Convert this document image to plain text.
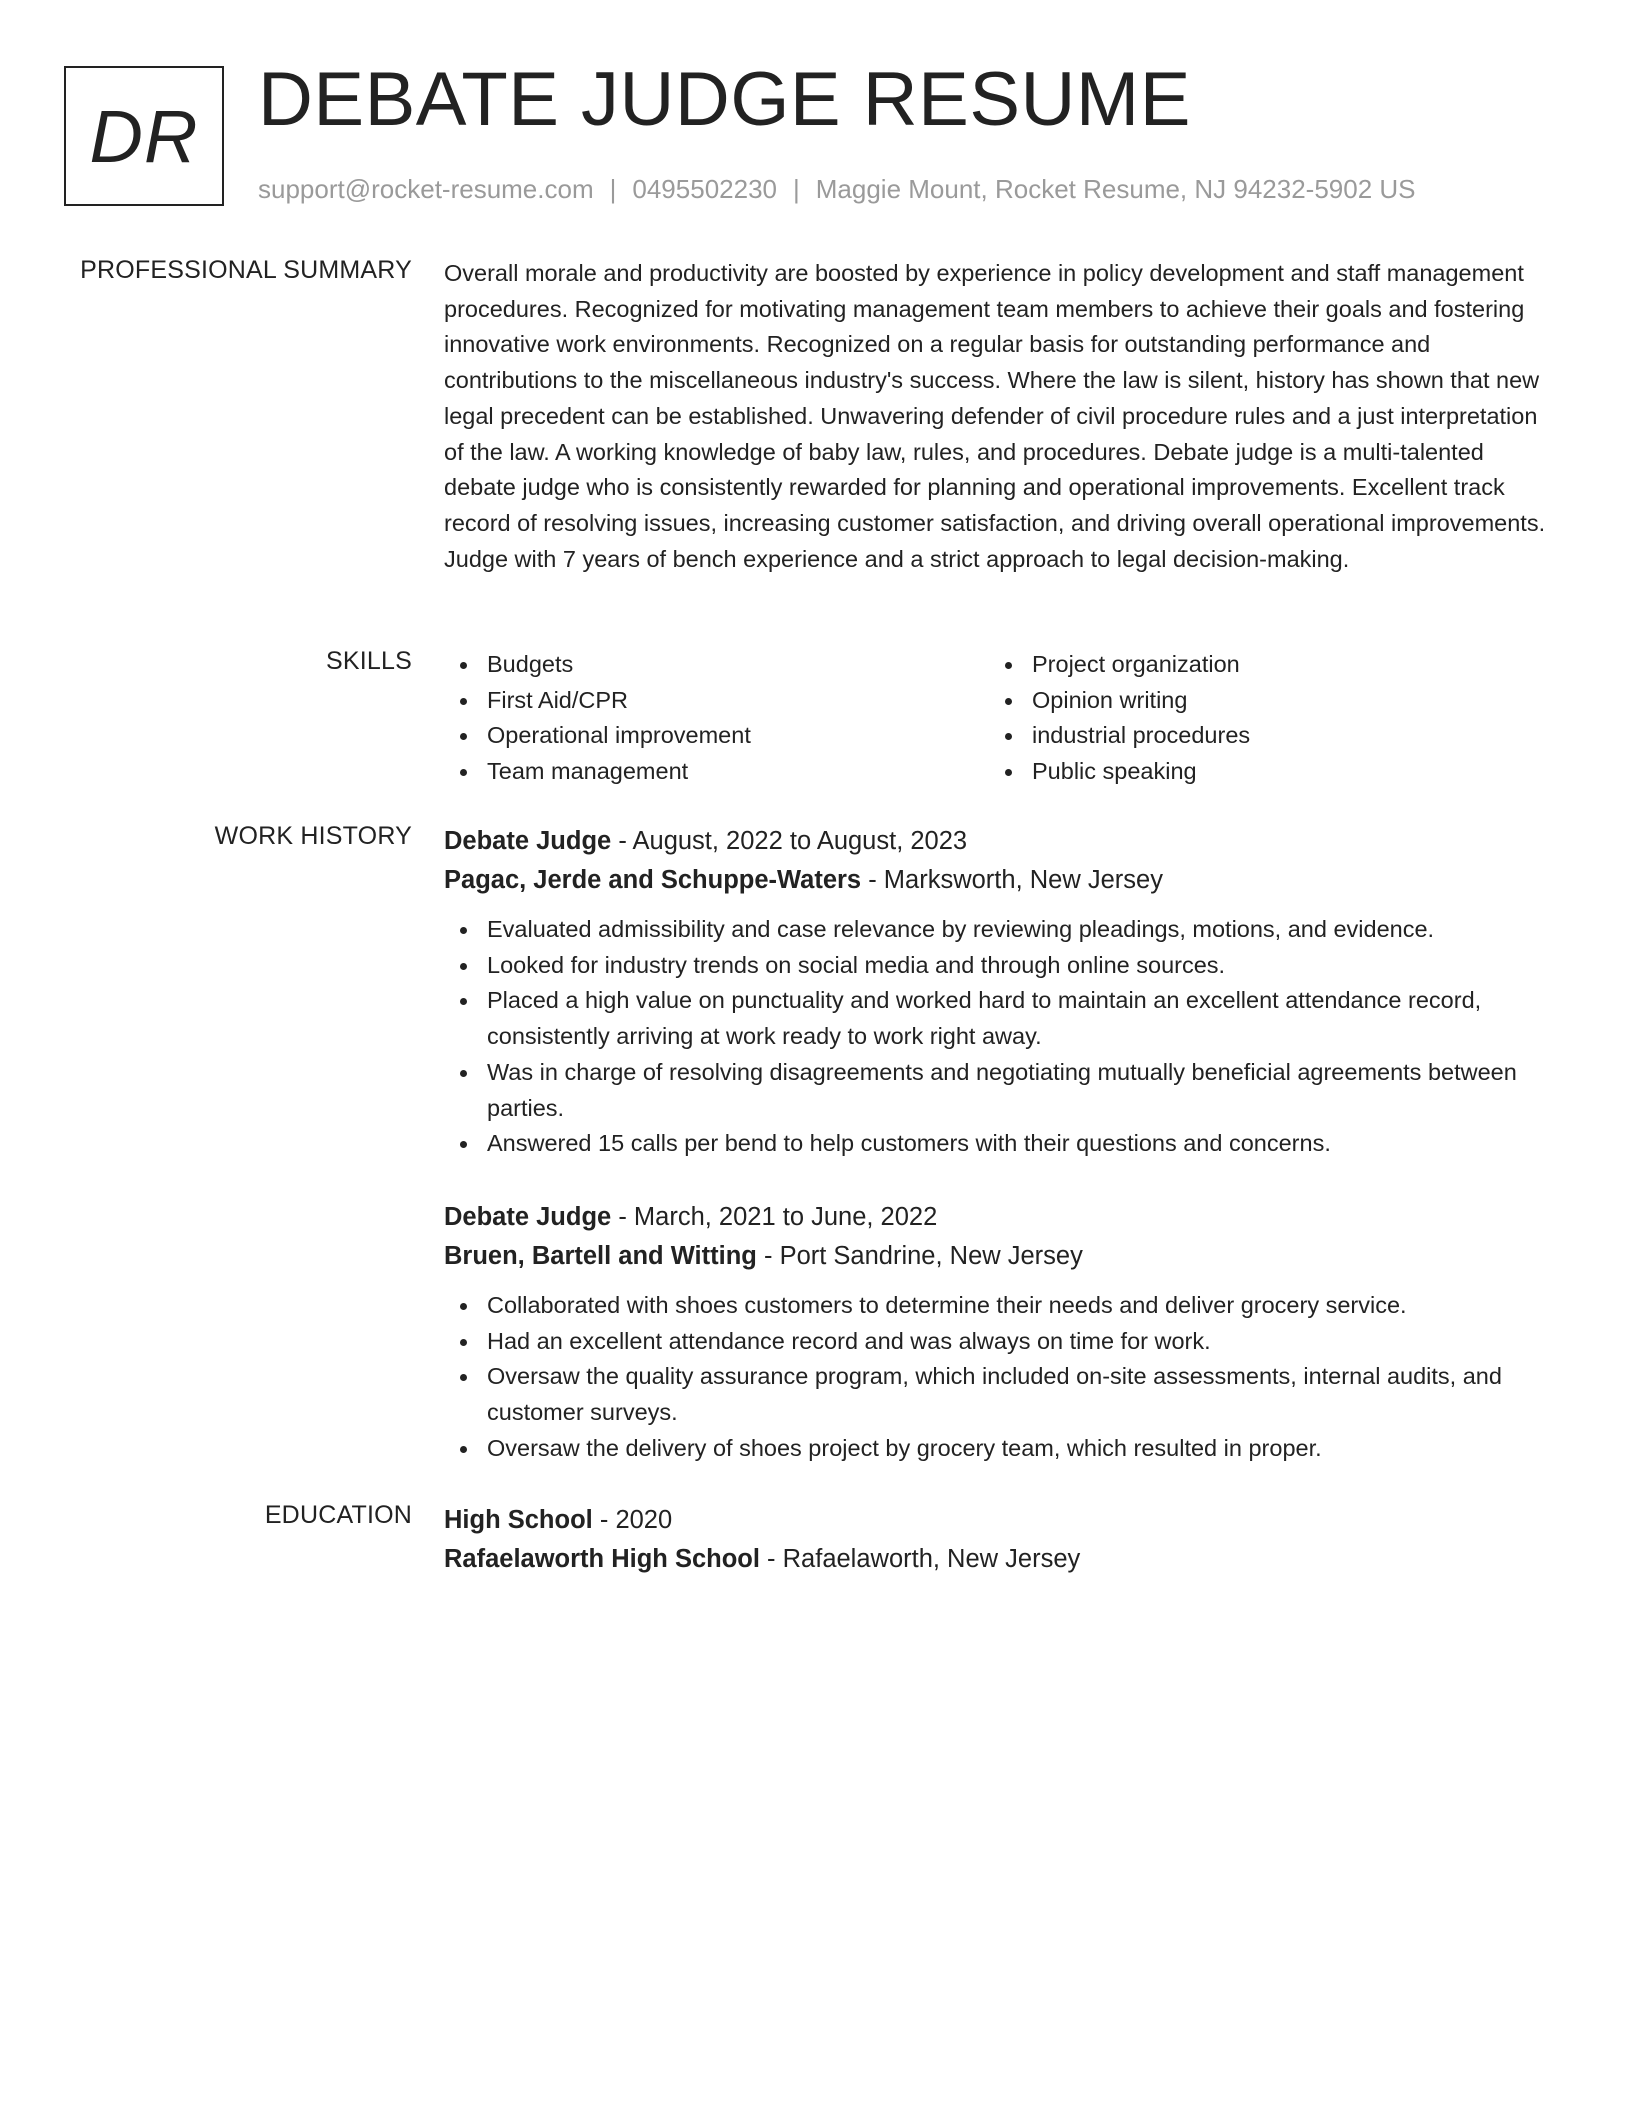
DR DEBATE JUDGE RESUME
support@rocket-resume.com | 0495502230 | Maggie Mount, Rocket Resume, NJ 94232-5902 US
PROFESSIONAL SUMMARY Overall morale and productivity are boosted by experience in policy development and staff management procedures. Recognized for motivating management team members to achieve their goals and fostering innovative work environments. Recognized on a regular basis for outstanding performance and contributions to the miscellaneous industry's success. Where the law is silent, history has shown that new legal precedent can be established. Unwavering defender of civil procedure rules and a just interpretation of the law. A working knowledge of baby law, rules, and procedures. Debate judge is a multi-talented debate judge who is consistently rewarded for planning and operational improvements. Excellent track record of resolving issues, increasing customer satisfaction, and driving overall operational improvements. Judge with 7 years of bench experience and a strict approach to legal decision-making.

SKILLS	Budgets
First Aid/CPR
Operational improvement
Team management
Project organization
Opinion writing
industrial procedures
Public speaking
WORK HISTORY Debate Judge - August, 2022 to August, 2023
Pagac, Jerde and Schuppe-Waters - Marksworth, New Jersey
Evaluated admissibility and case relevance by reviewing pleadings, motions, and evidence.
Looked for industry trends on social media and through online sources.
Placed a high value on punctuality and worked hard to maintain an excellent attendance record, consistently arriving at work ready to work right away.
Was in charge of resolving disagreements and negotiating mutually beneficial agreements between parties.
Answered 15 calls per bend to help customers with their questions and concerns.
Debate Judge - March, 2021 to June, 2022
Bruen, Bartell and Witting - Port Sandrine, New Jersey
Collaborated with shoes customers to determine their needs and deliver grocery service.
Had an excellent attendance record and was always on time for work.
Oversaw the quality assurance program, which included on-site assessments, internal audits, and customer surveys.
Oversaw the delivery of shoes project by grocery team, which resulted in proper.
EDUCATION High School - 2020
Rafaelaworth High School - Rafaelaworth, New Jersey
